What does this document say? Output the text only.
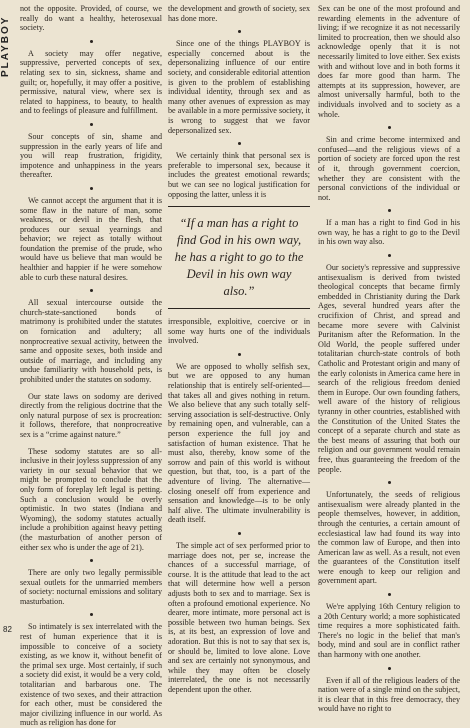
PLAYBOY
82

not the opposite. Provided, of course, we really do want a healthy, heterosexual society.

A society may offer negative, suppressive, perverted concepts of sex, relating sex to sin, sickness, shame and guilt; or, hopefully, it may offer a positive, permissive, natural view, where sex is related to happiness, to beauty, to health and to feelings of pleasure and fulfillment.

Sour concepts of sin, shame and suppression in the early years of life and you will reap frustration, frigidity, impotence and unhappiness in the years thereafter.

We cannot accept the argument that it is some flaw in the nature of man, some weakness, or devil in the flesh, that produces our sexual yearnings and behavior; we reject as totally without foundation the premise of the prude, who would have us believe that man would be healthier and happier if he were somehow able to curb these natural desires.

All sexual intercourse outside the church-state-sanctioned bonds of matrimony is prohibited under the statutes on fornication and adultery; all nonprocreative sexual activity, between the same and opposite sexes, both inside and outside of marriage, and including any undue familiarity with household pets, is prohibited under the statutes on sodomy.

Our state laws on sodomy are derived directly from the religious doctrine that the only natural purpose of sex is procreation: it follows, therefore, that nonprocreative sex is a “crime against nature.”

These sodomy statutes are so all-inclusive in their joyless suppression of any variety in our sexual behavior that we might be prompted to conclude that the only form of foreplay left legal is petting. Such a conclusion would be overly optimistic. In two states (Indiana and Wyoming), the sodomy statutes actually include a prohibition against heavy petting (the masturbation of another person of either sex who is under the age of 21).

There are only two legally permissible sexual outlets for the unmarried members of society: nocturnal emissions and solitary masturbation.

So intimately is sex interrelated with the rest of human experience that it is impossible to conceive of a society existing, as we know it, without benefit of the primal sex urge. Most certainly, if such a society did exist, it would be a very cold, totalitarian and barbarous one. The existence of two sexes, and their attraction for each other, must be considered the major civilizing influence in our world. As much as religion has done for

the development and growth of society, sex has done more.

Since one of the things PLAYBOY is especially concerned about is the depersonalizing influence of our entire society, and considerable editorial attention is given to the problem of establishing individual identity, through sex and as many other avenues of expression as may be available in a more permissive society, it is wrong to suggest that we favor depersonalized sex.

We certainly think that personal sex is preferable to impersonal sex, because it includes the greatest emotional rewards; but we can see no logical justification for opposing the latter, unless it is

“If a man has a right to find God in his own way, he has a right to go to the Devil in his own way also.”

irresponsible, exploitive, coercive or in some way hurts one of the individuals involved.

We are opposed to wholly selfish sex, but we are opposed to any human relationship that is entirely self-oriented—that takes all and gives nothing in return. We also believe that any such totally self-serving association is self-destructive. Only by remaining open, and vulnerable, can a person experience the full joy and satisfaction of human existence. That he must also, thereby, know some of the sorrow and pain of this world is without question, but that, too, is a part of the adventure of living. The alternative—closing oneself off from experience and sensation and knowledge—is to be only half alive. The ultimate invulnerability is death itself.

The simple act of sex performed prior to marriage does not, per se, increase the chances of a successful marriage, of course. It is the attitude that lead to the act that will determine how well a person adjusts both to sex and to marriage. Sex is often a profound emotional experience. No dearer, more intimate, more personal act is possible between two human beings. Sex is, at its best, an expression of love and adoration. But this is not to say that sex is, or should be, limited to love alone. Love and sex are certainly not synonymous, and while they may often be closely interrelated, the one is not necessarily dependent upon the other.

Sex can be one of the most profound and rewarding elements in the adventure of living; if we recognize it as not necessarily limited to procreation, then we should also acknowledge openly that it is not necessarily limited to love either. Sex exists with and without love and in both forms it does far more good than harm. The attempts at its suppression, however, are almost universally harmful, both to the individuals involved and to society as a whole.

Sin and crime become intermixed and confused—and the religious views of a portion of society are forced upon the rest of it, through government coercion, whether they are consistent with the personal convictions of the individual or not.

If a man has a right to find God in his own way, he has a right to go to the Devil in his own way also.

Our society's repressive and suppressive antisexualism is derived from twisted theological concepts that became firmly embedded in Christianity during the Dark Ages, several hundred years after the crucifixion of Christ, and spread and became more severe with Calvinist Puritanism after the Reformation. In the Old World, the people suffered under totalitarian church-state controls of both Catholic and Protestant origin and many of the early colonists in America came here in search of the religious freedom denied them in Europe. Our own founding fathers, well aware of the history of religious tyranny in other countries, established with the Constitution of the United States the concept of a separate church and state as the best means of assuring that both our religion and our government would remain free, thus guaranteeing the freedom of the people.

Unfortunately, the seeds of religious antisexualism were already planted in the people themselves, however, in addition, through the centuries, a certain amount of ecclesiastical law had found its way into the common law of Europe, and then into American law as well. As a result, not even the guarantees of the Constitution itself were enough to keep our religion and government apart.

We're applying 16th Century religion to a 20th Century world; a more sophisticated time requires a more sophisticated faith. There's no logic in the belief that man's body, mind and soul are in conflict rather than harmony with one another.

Even if all of the religious leaders of the nation were of a single mind on the subject, it is clear that in this free democracy, they would have no right to
